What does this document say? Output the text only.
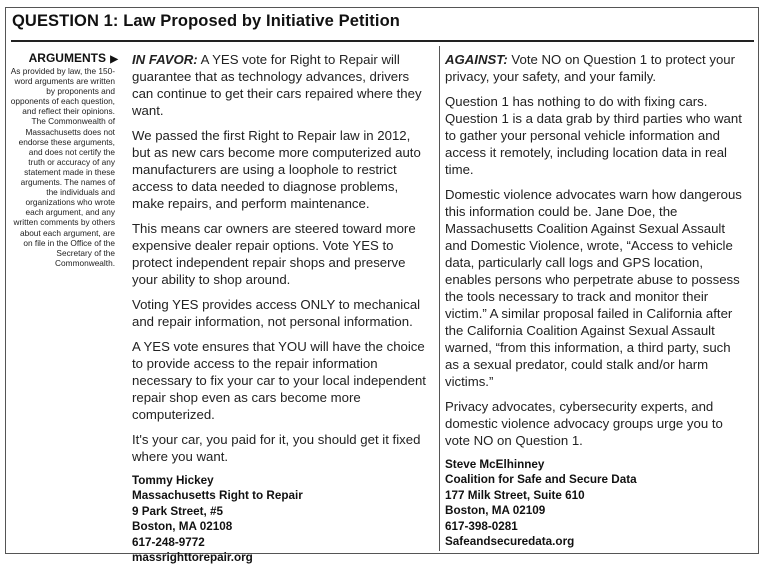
QUESTION 1: Law Proposed by Initiative Petition
ARGUMENTS ▶
As provided by law, the 150-word arguments are written by proponents and opponents of each question, and reflect their opinions. The Commonwealth of Massachusetts does not endorse these arguments, and does not certify the truth or accuracy of any statement made in these arguments. The names of the individuals and organizations who wrote each argument, and any written comments by others about each argument, are on file in the Office of the Secretary of the Commonwealth.

IN FAVOR: A YES vote for Right to Repair will guarantee that as technology advances, drivers can continue to get their cars repaired where they want.

We passed the first Right to Repair law in 2012, but as new cars become more computerized auto manufacturers are using a loophole to restrict access to data needed to diagnose problems, make repairs, and perform maintenance.

This means car owners are steered toward more expensive dealer repair options. Vote YES to protect independent repair shops and preserve your ability to shop around.

Voting YES provides access ONLY to mechanical and repair information, not personal information.

A YES vote ensures that YOU will have the choice to provide access to the repair information necessary to fix your car to your local independent repair shop even as cars become more computerized.

It's your car, you paid for it, you should get it fixed where you want.

Tommy Hickey
Massachusetts Right to Repair
9 Park Street, #5
Boston, MA 02108
617-248-9772
massrighttorepair.org

AGAINST: Vote NO on Question 1 to protect your privacy, your safety, and your family.

Question 1 has nothing to do with fixing cars. Question 1 is a data grab by third parties who want to gather your personal vehicle information and access it remotely, including location data in real time.

Domestic violence advocates warn how dangerous this information could be. Jane Doe, the Massachusetts Coalition Against Sexual Assault and Domestic Violence, wrote, “Access to vehicle data, particularly call logs and GPS location, enables persons who perpetrate abuse to possess the tools necessary to track and monitor their victim.” A similar proposal failed in California after the California Coalition Against Sexual Assault warned, “from this information, a third party, such as a sexual predator, could stalk and/or harm victims.”

Privacy advocates, cybersecurity experts, and domestic violence advocacy groups urge you to vote NO on Question 1.

Steve McElhinney
Coalition for Safe and Secure Data
177 Milk Street, Suite 610
Boston, MA 02109
617-398-0281
Safeandsecuredata.org
